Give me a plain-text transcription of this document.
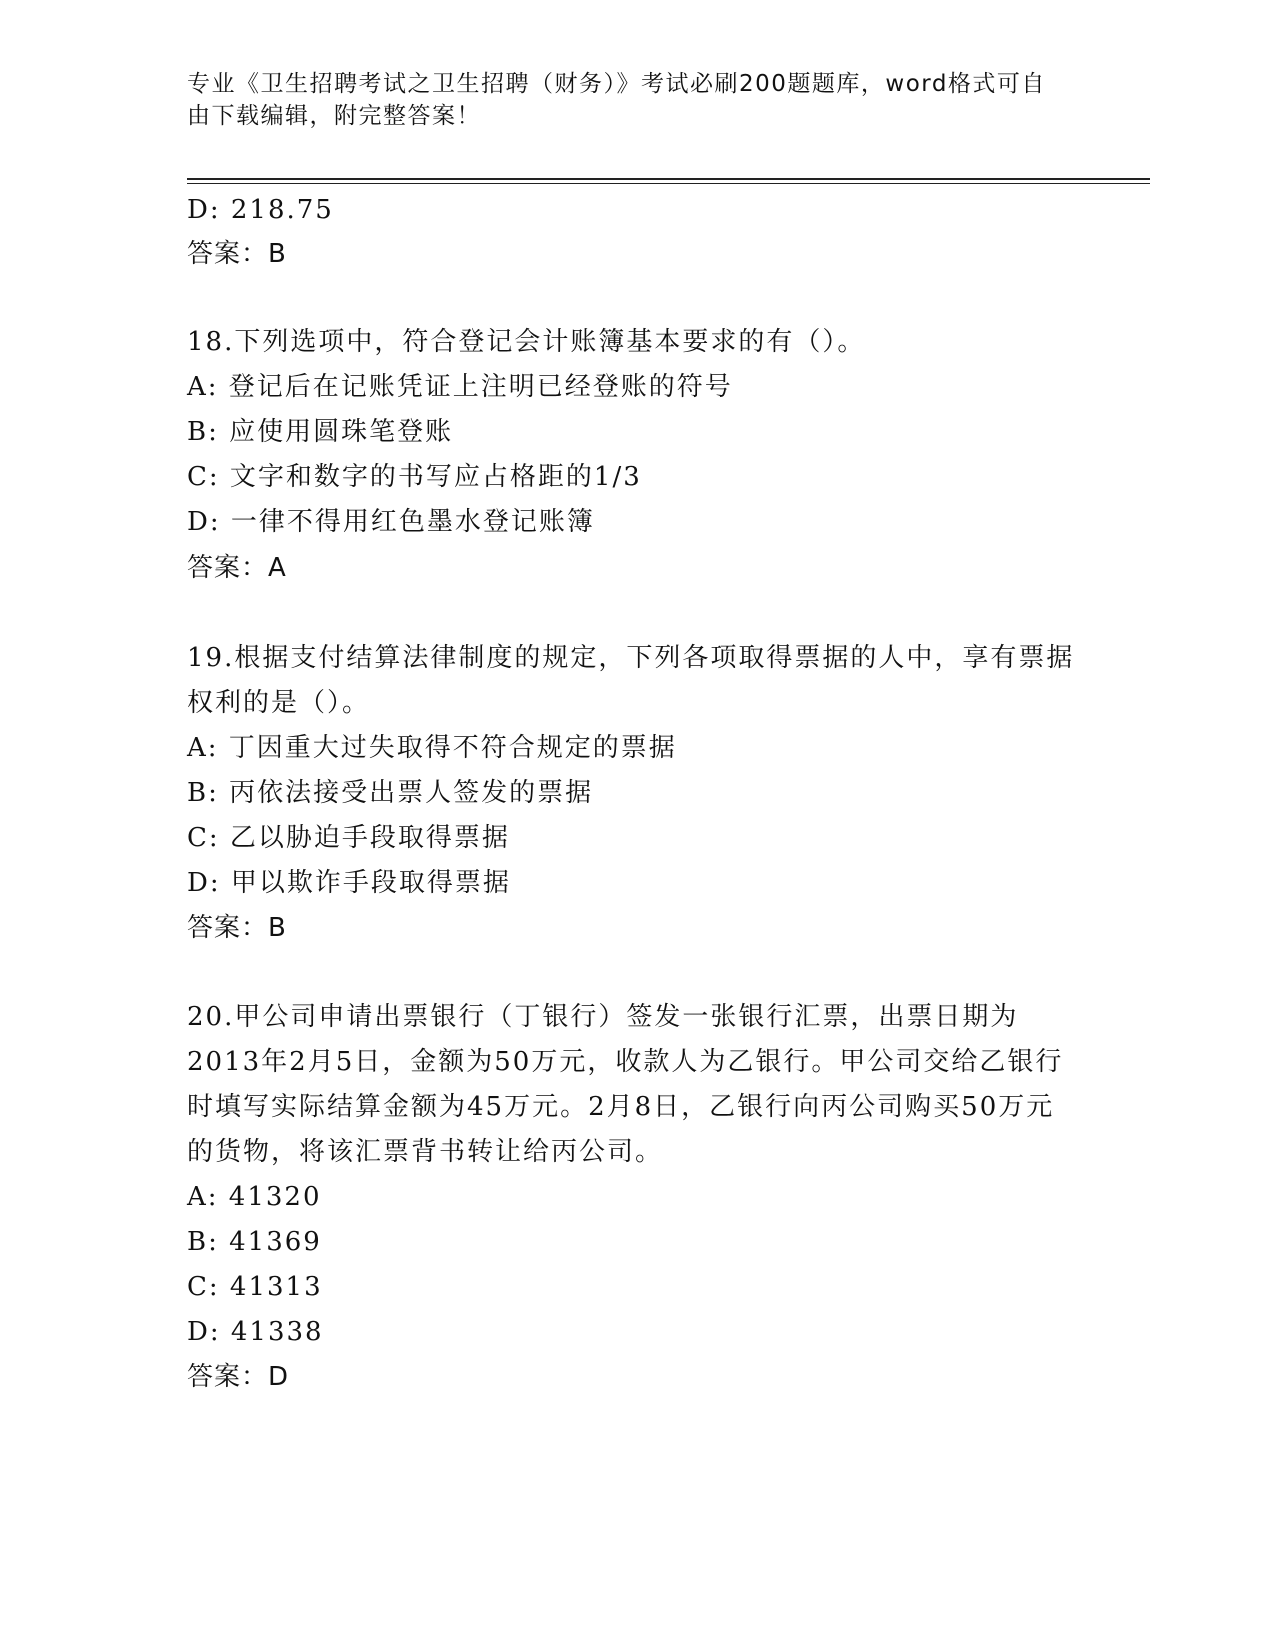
专业《卫生招聘考试之卫生招聘（财务）》考试必刷200题题库，word格式可自由下载编辑，附完整答案！
D: 218.75
答案：B
18.下列选项中，符合登记会计账簿基本要求的有（）。
A: 登记后在记账凭证上注明已经登账的符号
B: 应使用圆珠笔登账
C: 文字和数字的书写应占格距的1/3
D: 一律不得用红色墨水登记账簿
答案：A
19.根据支付结算法律制度的规定，下列各项取得票据的人中，享有票据权利的是（）。
A: 丁因重大过失取得不符合规定的票据
B: 丙依法接受出票人签发的票据
C: 乙以胁迫手段取得票据
D: 甲以欺诈手段取得票据
答案：B
20.甲公司申请出票银行（丁银行）签发一张银行汇票，出票日期为2013年2月5日，金额为50万元，收款人为乙银行。甲公司交给乙银行时填写实际结算金额为45万元。2月8日，乙银行向丙公司购买50万元的货物，将该汇票背书转让给丙公司。
A: 41320
B: 41369
C: 41313
D: 41338
答案：D
